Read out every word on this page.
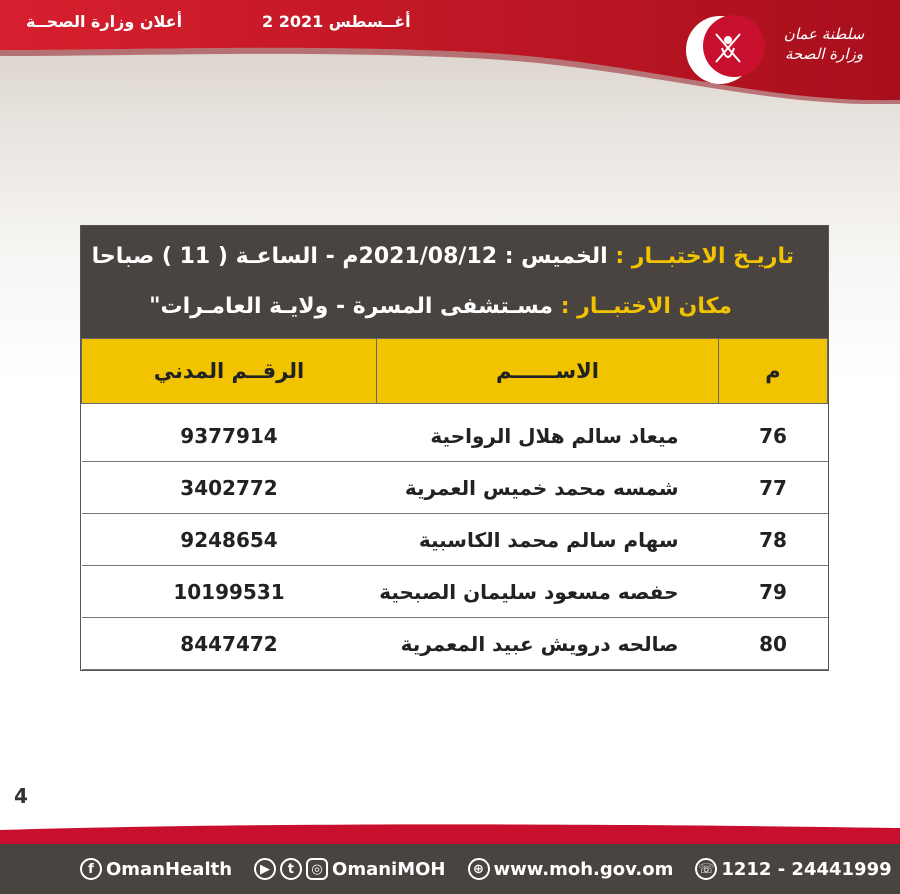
أعلان وزارة الصحــة	2 أغــسطس 2021
سلطنة عمان
وزارة الصحة
تاريـخ الاختبــار : الخميس : 2021/08/12م - الساعـة ( 11 ) صباحا
مكان الاختبــار : مسـتشفى المسرة - ولايـة العامـرات"
م	الاســــــم	الرقــم المدني

76	ميعاد سالم هلال الرواحية	9377914
77	شمسه محمد خميس العمرية	3402772
78	سهام سالم محمد الكاسبية	9248654
79	حفصه مسعود سليمان الصبحية	10199531
80	صالحه درويش عبيد المعمرية	8447472
4
f OmanHealth	▶	t	◎ OmaniMOH	⊕ www.moh.gov.om ☏ 1212 - 24441999
